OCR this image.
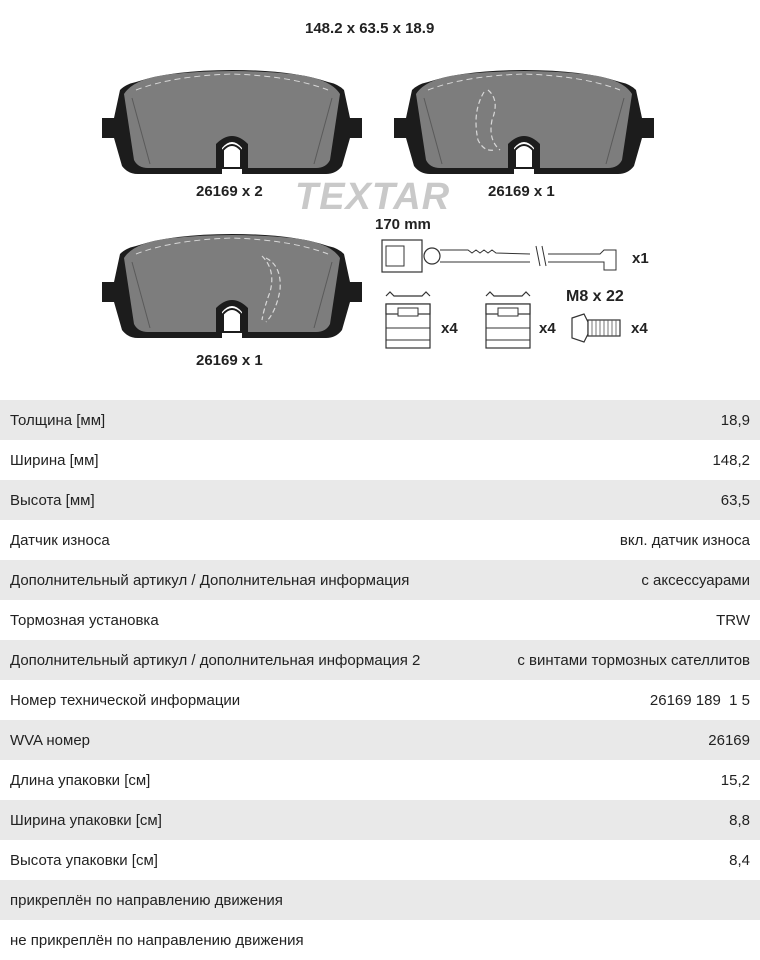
148.2 x 63.5 x 18.9
26169 x 2	26169 x 1
26169 x 1
TEXTAR
170 mm
x1
M8 x 22
x4	x4	x4
Толщина [мм]	18,9
Ширина [мм]	148,2
Высота [мм]	63,5
Датчик износа	вкл. датчик износа
Дополнительный артикул / Дополнительная информация	с аксессуарами
Тормозная установка	TRW
Дополнительный артикул / дополнительная информация 2	с винтами тормозных сателлитов
Номер технической информации	26169 189  1 5
WVA номер	26169
Длина упаковки [см]	15,2
Ширина упаковки [см]	8,8
Высота упаковки [см]	8,4
прикреплён по направлению движения
не прикреплён по направлению движения
